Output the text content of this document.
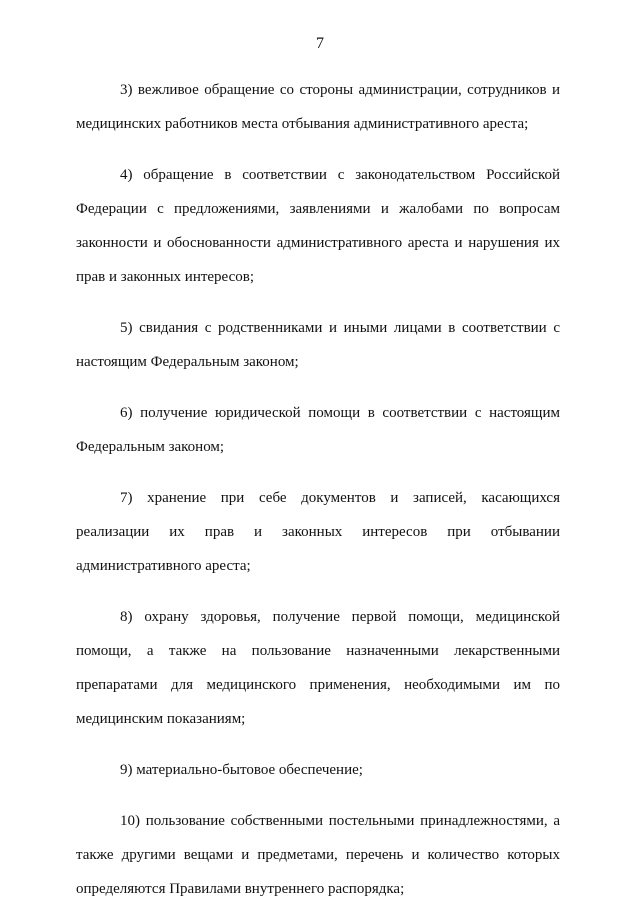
7

3) вежливое обращение со стороны администрации, сотрудников и медицинских работников места отбывания административного ареста;

4) обращение в соответствии с законодательством Российской Федерации с предложениями, заявлениями и жалобами по вопросам законности и обоснованности административного ареста и нарушения их прав и законных интересов;

5) свидания с родственниками и иными лицами в соответствии с настоящим Федеральным законом;

6) получение юридической помощи в соответствии с настоящим Федеральным законом;

7) хранение при себе документов и записей, касающихся реализации их прав и законных интересов при отбывании административного ареста;

8) охрану здоровья, получение первой помощи, медицинской помощи, а также на пользование назначенными лекарственными препаратами для медицинского применения, необходимыми им по медицинским показаниям;

9) материально-бытовое обеспечение;

10) пользование собственными постельными принадлежностями, а также другими вещами и предметами, перечень и количество которых определяются Правилами внутреннего распорядка;
